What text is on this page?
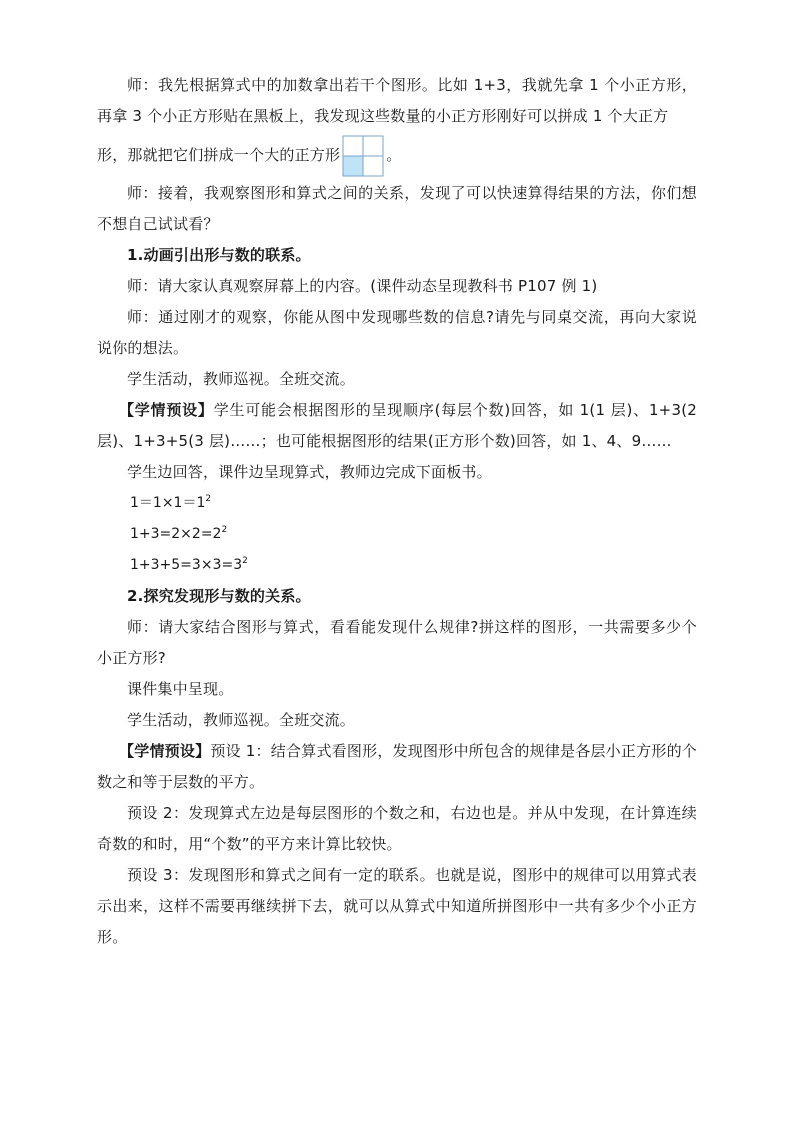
师：我先根据算式中的加数拿出若干个图形。比如 1+3，我就先拿 1 个小正方形，再拿 3 个小正方形贴在黑板上，我发现这些数量的小正方形刚好可以拼成 1 个大正方

形，那就把它们拼成一个大的正方形	。

师：接着，我观察图形和算式之间的关系，发现了可以快速算得结果的方法，你们想不想自己试试看？

1.动画引出形与数的联系。

师：请大家认真观察屏幕上的内容。(课件动态呈现教科书 P107 例 1)

师：通过刚才的观察，你能从图中发现哪些数的信息?请先与同桌交流，再向大家说说你的想法。

学生活动，教师巡视。全班交流。

【学情预设】学生可能会根据图形的呈现顺序(每层个数)回答，如 1(1 层)、1+3(2 层)、1+3+5(3 层)……；也可能根据图形的结果(正方形个数)回答，如 1、4、9……

学生边回答，课件边呈现算式，教师边完成下面板书。

$1=1\times 1=1^2$

$1+3=2\times 2=2^2$

$1+3+5=3\times 3=3^2$

2.探究发现形与数的关系。

师：请大家结合图形与算式，看看能发现什么规律?拼这样的图形，一共需要多少个小正方形?

课件集中呈现。

学生活动，教师巡视。全班交流。

【学情预设】预设 1：结合算式看图形，发现图形中所包含的规律是各层小正方形的个数之和等于层数的平方。

预设 2：发现算式左边是每层图形的个数之和，右边也是。并从中发现，在计算连续奇数的和时，用“个数”的平方来计算比较快。

预设 3：发现图形和算式之间有一定的联系。也就是说，图形中的规律可以用算式表示出来，这样不需要再继续拼下去，就可以从算式中知道所拼图形中一共有多少个小正方形。
